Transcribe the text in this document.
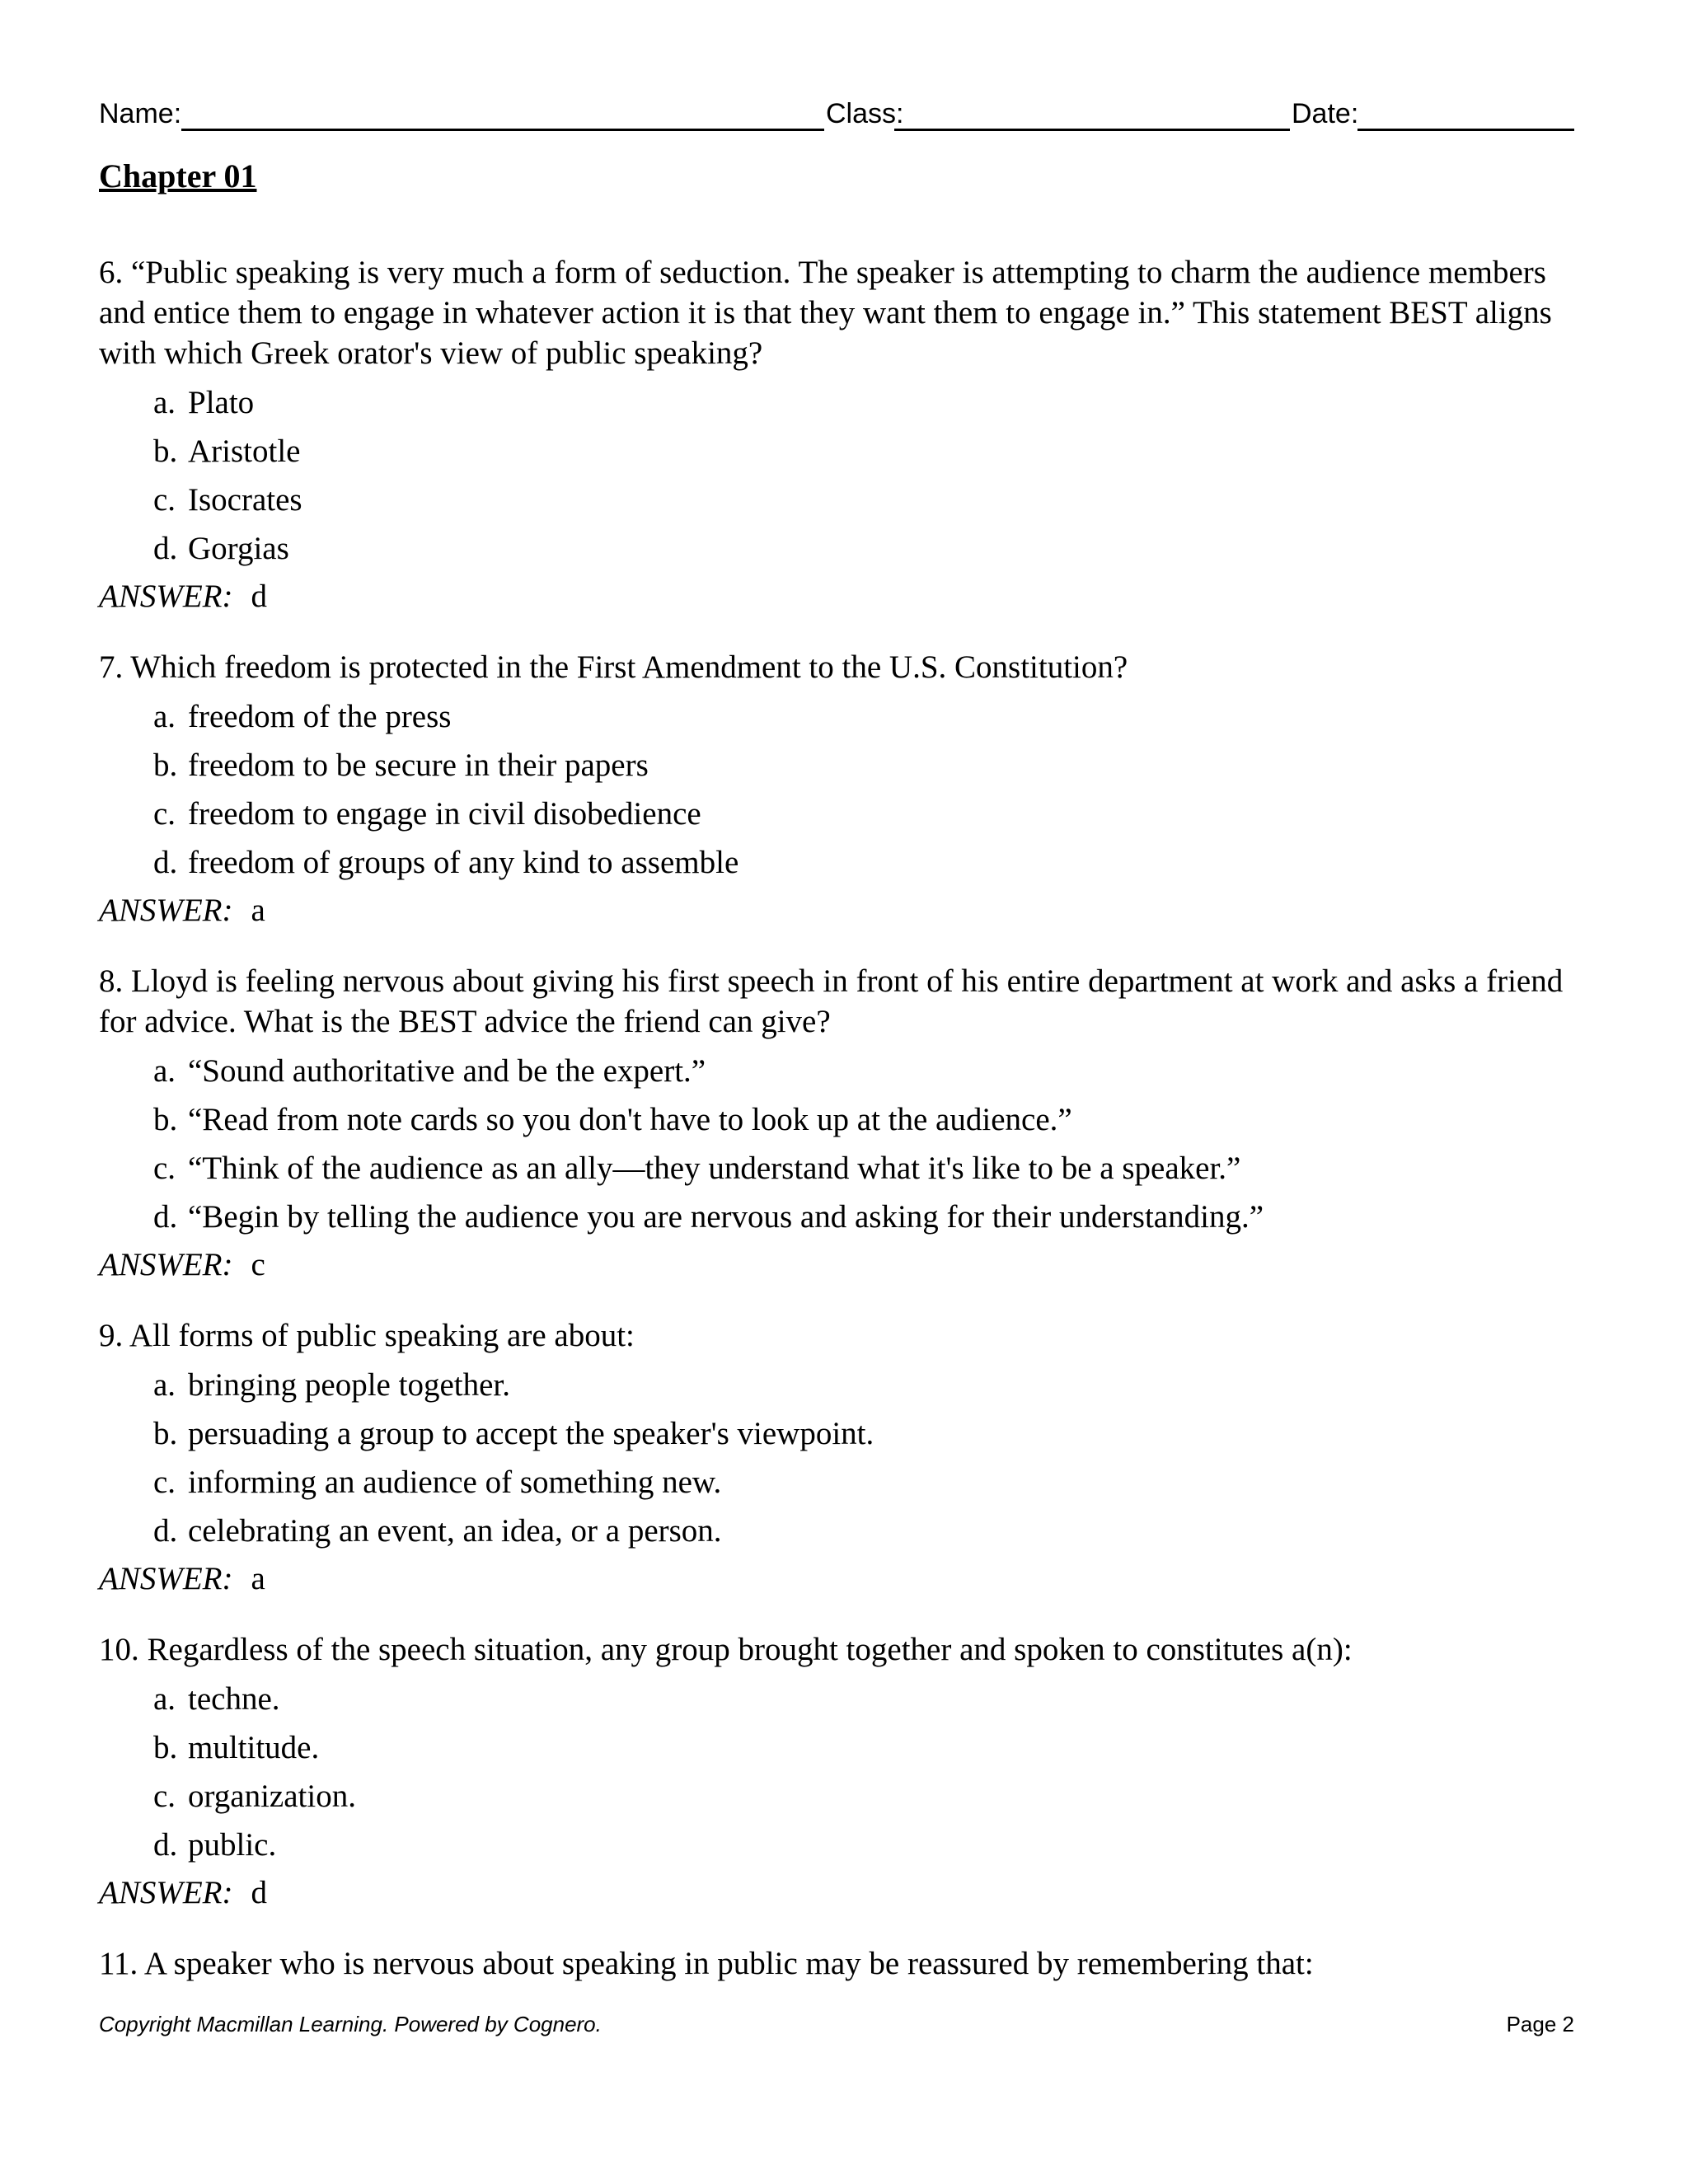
Name:	Class:	Date:
Chapter 01

6. “Public speaking is very much a form of seduction. The speaker is attempting to charm the audience members and entice them to engage in whatever action it is that they want them to engage in.” This statement BEST aligns with which Greek orator's view of public speaking?

a. Plato
b. Aristotle
c. Isocrates
d. Gorgias

ANSWER: d

7. Which freedom is protected in the First Amendment to the U.S. Constitution?

a. freedom of the press
b. freedom to be secure in their papers
c. freedom to engage in civil disobedience
d. freedom of groups of any kind to assemble

ANSWER: a

8. Lloyd is feeling nervous about giving his first speech in front of his entire department at work and asks a friend for advice. What is the BEST advice the friend can give?

a. “Sound authoritative and be the expert.”
b. “Read from note cards so you don't have to look up at the audience.”
c. “Think of the audience as an ally—they understand what it's like to be a speaker.”
d. “Begin by telling the audience you are nervous and asking for their understanding.”

ANSWER: c

9. All forms of public speaking are about:

a. bringing people together.
b. persuading a group to accept the speaker's viewpoint.
c. informing an audience of something new.
d. celebrating an event, an idea, or a person.

ANSWER: a

10. Regardless of the speech situation, any group brought together and spoken to constitutes a(n):

a. techne.
b. multitude.
c. organization.
d. public.

ANSWER: d

11. A speaker who is nervous about speaking in public may be reassured by remembering that:

Copyright Macmillan Learning. Powered by Cognero.	Page 2
